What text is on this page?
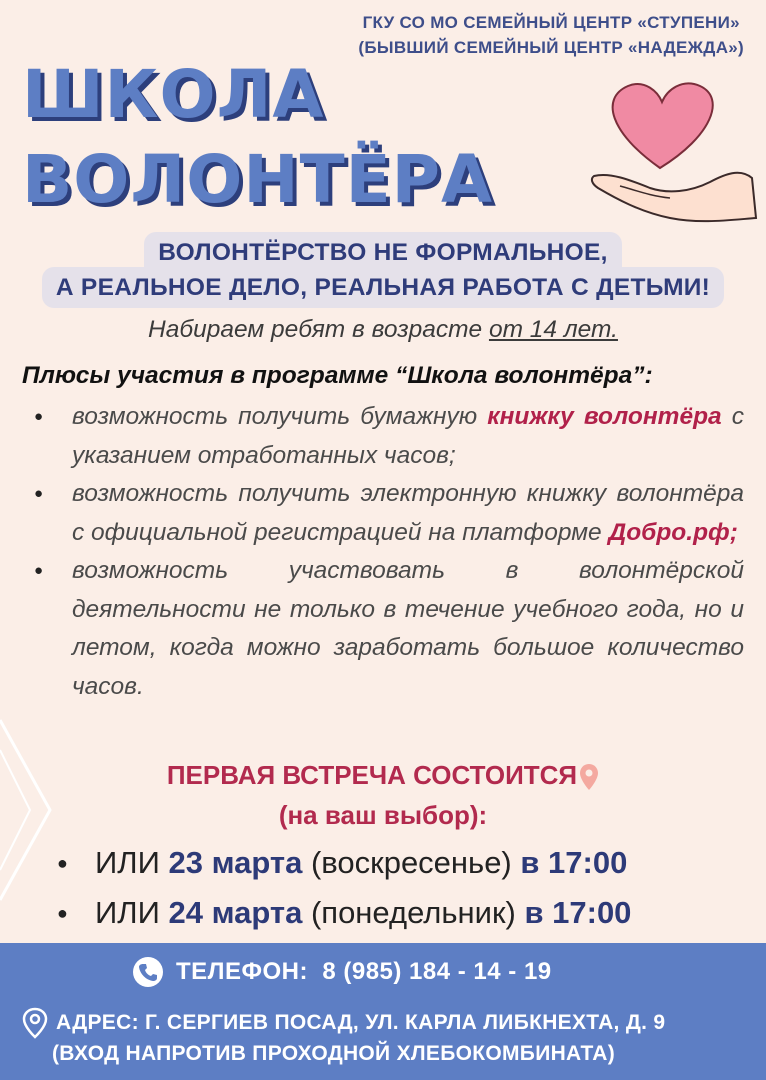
ГКУ СО МО СЕМЕЙНЫЙ ЦЕНТР «СТУПЕНИ»
(БЫВШИЙ СЕМЕЙНЫЙ ЦЕНТР «НАДЕЖДА»)
ШКОЛА
ВОЛОНТЁРА
ВОЛОНТЁРСТВО НЕ ФОРМАЛЬНОЕ,
А РЕАЛЬНОЕ ДЕЛО, РЕАЛЬНАЯ РАБОТА С ДЕТЬМИ!
Набираем ребят в возрасте от 14 лет.
Плюсы участия в программе “Школа волонтёра”:
● возможность получить бумажную книжку волонтёра с указанием отработанных часов;
● возможность получить электронную книжку волонтёра с официальной регистрацией на платформе Добро.рф;
● возможность участвовать в волонтёрской деятельности не только в течение учебного года, но и летом, когда можно заработать большое количество часов.
ПЕРВАЯ ВСТРЕЧА СОСТОИТСЯ
(на ваш выбор):
● ИЛИ 23 марта (воскресенье) в 17:00
● ИЛИ 24 марта (понедельник) в 17:00
ТЕЛЕФОН: 8 (985) 184 - 14 - 19
АДРЕС: Г. СЕРГИЕВ ПОСАД, УЛ. КАРЛА ЛИБКНЕХТА, Д. 9
(ВХОД НАПРОТИВ ПРОХОДНОЙ ХЛЕБОКОМБИНАТА)
